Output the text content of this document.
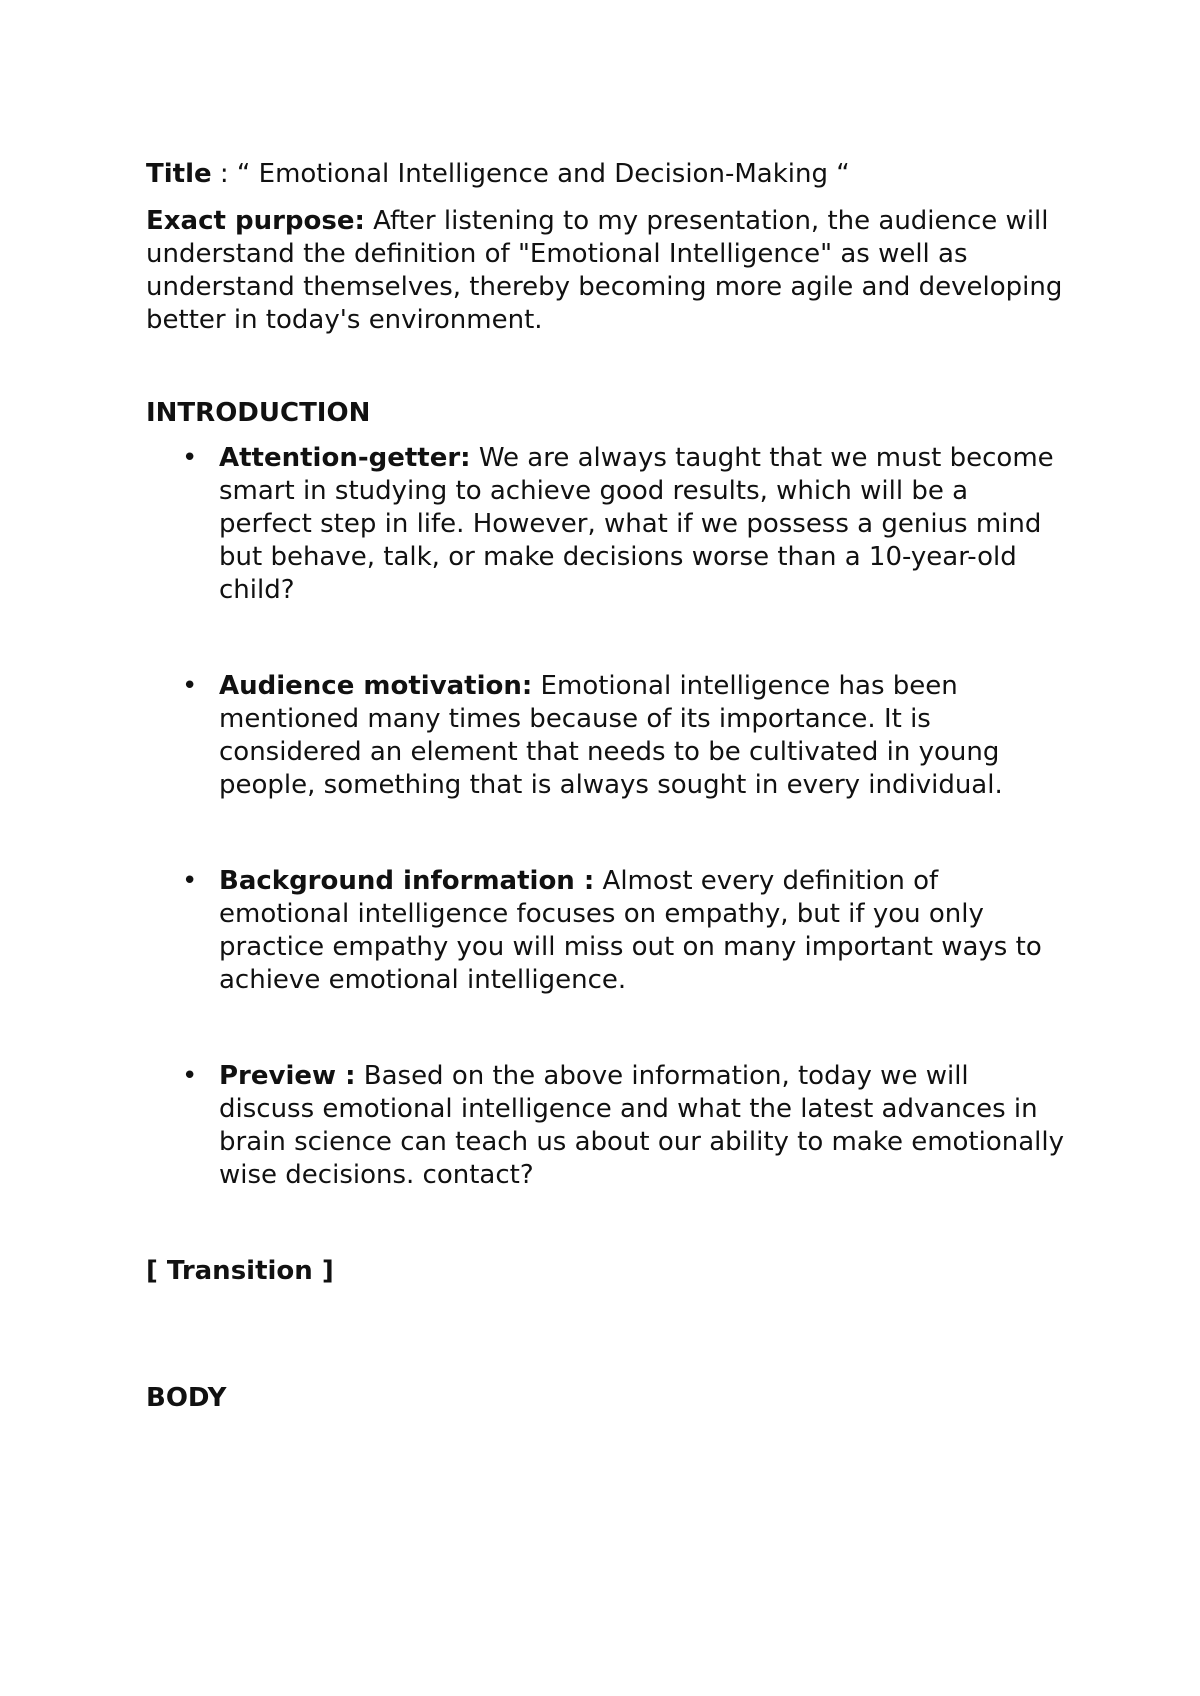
Title : “ Emotional Intelligence and Decision-Making “

Exact purpose: After listening to my presentation, the audience will understand the definition of "Emotional Intelligence" as well as understand themselves, thereby becoming more agile and developing better in today's environment.

INTRODUCTION

• Attention-getter: We are always taught that we must become smart in studying to achieve good results, which will be a perfect step in life. However, what if we possess a genius mind but behave, talk, or make decisions worse than a 10-year-old child?
• Audience motivation: Emotional intelligence has been mentioned many times because of its importance. It is considered an element that needs to be cultivated in young people, something that is always sought in every individual.
• Background information : Almost every definition of emotional intelligence focuses on empathy, but if you only practice empathy you will miss out on many important ways to achieve emotional intelligence.
• Preview : Based on the above information, today we will discuss emotional intelligence and what the latest advances in brain science can teach us about our ability to make emotionally wise decisions. contact?

[ Transition ]

BODY
